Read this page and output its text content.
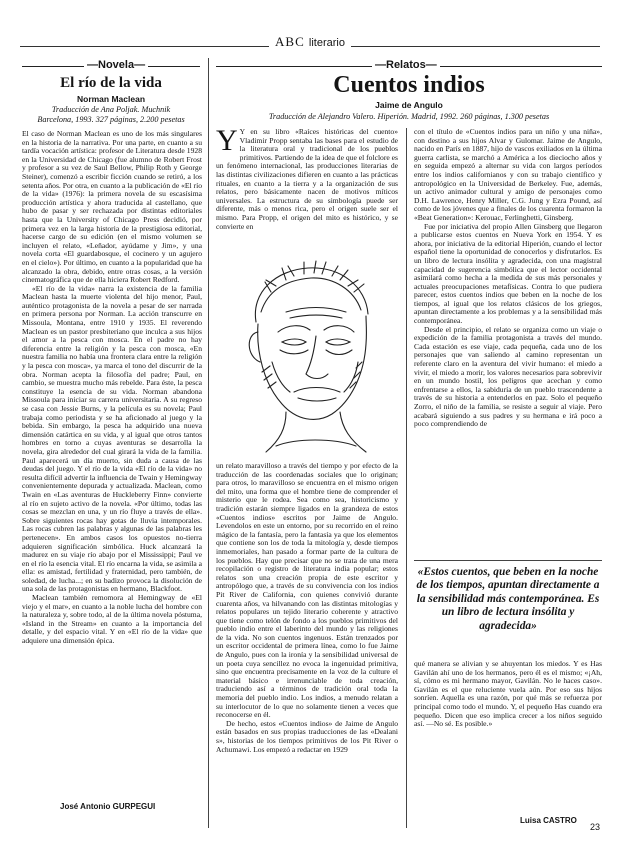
ABC literario
—Novela—
El río de la vida
Norman Maclean
Traducción de Ana Poljak. Muchnik
Barcelona, 1993. 327 páginas, 2.200 pesetas

El caso de Norman Maclean es uno de los más singulares en la historia de la narrativa. Por una parte, en cuanto a su tardía vocación artística: profesor de Literatura desde 1928 en la Universidad de Chicago (fue alumno de Robert Frost y profesor a su vez de Saul Bellow, Philip Roth y George Steiner), comenzó a escribir ficción cuando se retiró, a los setenta años. Por otra, en cuanto a la publicación de «El río de la vida» (1976): la primera novela de su escasísima producción artística y ahora traducida al castellano, que hubo de pasar y ser rechazada por distintas editoriales hasta que la University of Chicago Press decidió, por primera vez en la larga historia de la prestigiosa editorial, hacerse cargo de su edición (en el mismo volumen se incluyen el relato, «Leñador, ayúdame y Jim», y una novela corta «El guardabosque, el cocinero y un agujero en el cielo»). Por último, en cuanto a la popularidad que ha alcanzado la obra, debido, entre otras cosas, a la versión cinematográfica que de ella hiciera Robert Redford.

«El río de la vida» narra la existencia de la familia Maclean hasta la muerte violenta del hijo menor, Paul, auténtico protagonista de la novela a pesar de ser narrada en primera persona por Norman. La acción transcurre en Missoula, Montana, entre 1910 y 1935. El reverendo Maclean es un pastor presbiteriano que inculca a sus hijos el amor a la pesca con mosca. En el padre no hay diferencia entre la religión y la pesca con mosca, «En nuestra familia no había una frontera clara entre la religión y la pesca con mosca», ya marca el tono del discurrir de la obra. Norman acepta la filosofía del padre; Paul, en cambio, se muestra mucho más rebelde. Para éste, la pesca constituye la esencia de su vida. Norman abandona Missoula para iniciar su carrera universitaria. A su regreso se casa con Jessie Burns, y la película es su novela; Paul trabaja como periodista y se ha aficionado al juego y la bebida. Sin embargo, la pesca ha adquirido una nueva dimensión catártica en su vida, y al igual que otros tantos hombres en torno a cuyas aventuras se desarrolla la novela, gira alrededor del cual girará la vida de la familia. Paul aparecerá un día muerto, sin duda a causa de las deudas del juego. Y el río de la vida «El río de la vida» no resulta difícil advertir la influencia de Twain y Hemingway convenientemente depurada y actualizada. Maclean, como Twain en «Las aventuras de Huckleberry Finn» convierte al río en sujeto activo de la novela. «Por último, todas las cosas se mezclan en una, y un río fluye a través de ella». Sobre siguientes rocas hay gotas de lluvia intemporales. Las rocas cubren las palabras y algunas de las palabras les pertenecen». En ambos casos los opuestos no-tierra adquieren significación simbólica. Huck alcanzará la madurez en su viaje río abajo por el Mississippi; Paul ve en el río la esencia vital. El río encarna la vida, se asimila a ella: es amistad, fertilidad y fraternidad, pero también, de soledad, de lucha...; en su badizo provoca la disolución de una sola de las protagonistas en hermano, Blackfoot.

Maclean también remomora al Hemingway de «El viejo y el mar», en cuanto a la noble lucha del hombre con la naturaleza y, sobre todo, al de la última novela póstuma, «Island in the Stream» en cuanto a la importancia del detalle, y del espacio vital. Y en «El río de la vida» que adquiere una dimensión épica.

José Antonio GURPEGUI
—Relatos—
Cuentos indios
Jaime de Angulo
Traducción de Alejandro Valero. Hiperión. Madrid, 1992. 260 páginas, 1.300 pesetas

Y Y en su libro «Raíces históricas del cuento» Vladimir Propp sentaba las bases para el estudio de la literatura oral y tradicional de los pueblos primitivos. Partiendo de la idea de que el folclore es un fenómeno internacional, las producciones literarias de las distintas civilizaciones difieren en cuanto a las prácticas rituales, en cuanto a la tierra y a la organización de sus relatos, pero básicamente nacen de motivos míticos universales. La estructura de su simbología puede ser diferente, más o menos rica, pero el origen suele ser el mismo. Para Propp, el origen del mito es histórico, y se convierte en

un relato maravilloso a través del tiempo y por efecto de la traducción de las coordenadas sociales que lo originan; para otros, lo maravilloso se encuentra en el mismo origen del mito, una forma que el hombre tiene de comprender el misterio que le rodea. Sea como sea, historicismo y tradición estarán siempre ligados en la grandeza de estos «Cuentos indios» escritos por Jaime de Angulo. Levendolos en este un entorno, por su recorrido en el reino mágico de la fantasía, pero la fantasía ya que los elementos que contiene son los de toda la mitología y, desde tiempos inmemoriales, han pasado a formar parte de la cultura de los pueblos. Hay que precisar que no se trata de una mera recopilación o registro de literatura india popular; estos relatos son una creación propia de este escritor y antropólogo que, a través de su convivencia con los indios Pit River de California, con quienes convivió durante cuarenta años, va hilvanando con las distintas mitologías y relatos populares un tejido literario coherente y atractivo que tiene como telón de fondo a los pueblos primitivos del pueblo indio entre el laberinto del mundo y las religiones de la vida. No son cuentos ingenuos. Están trenzados por un escritor occidental de primera línea, como lo fue Jaime de Angulo, pues con la ironía y la sensibilidad universal de un poeta cuya sencillez no evoca la ingenuidad primitiva, sino que encuentra precisamente en la voz de la culture el material básico e irrenunciable de toda creación, traduciendo así a términos de tradición oral toda la memoria del pueblo indio. Los indios, a menudo relatan a su interlocutor de lo que no solamente tienen a veces que reconocerse en él.

De hecho, estos «Cuentos indios» de Jaime de Angulo están basados en sus propias traducciones de las «Dealani s», historias de los tiempos primitivos de los Pit River o Achumawi. Los empezó a redactar en 1929

con el título de «Cuentos indios para un niño y una niña», con destino a sus hijos Alvar y Gulomar. Jaime de Angulo, nacido en París en 1887, hijo de vascos exiliados en la última guerra carlista, se marchó a América a los dieciocho años y en seguida empezó a alternar su vida con largos períodos entre los indios californianos y con su trabajo científico y antropológico en la Universidad de Berkeley. Fue, además, un activo animador cultural y amigo de personajes como D.H. Lawrence, Henry Miller, C.G. Jung y Ezra Pound, así como de los jóvenes que a finales de los cuarenta formaron la «Beat Generation»: Kerouac, Ferlinghetti, Ginsberg.

Fue por iniciativa del propio Allen Ginsberg que llegaron a publicarse estos cuentos en Nueva York en 1954. Y es ahora, por iniciativa de la editorial Hiperión, cuando el lector español tiene la oportunidad de conocerlos y disfrutarlos. Es un libro de lectura insólita y agradecida, con una magistral capacidad de sugerencia simbólica que el lector occidental asimilará como hecha a la medida de sus más personales y actuales preocupaciones metafísicas. Contra lo que pudiera parecer, estos cuentos indios que beben en la noche de los tiempos, al igual que los relatos clásicos de los griegos, apuntan directamente a los problemas y a la sensibilidad más contemporánea.

Desde el principio, el relato se organiza como un viaje o expedición de la familia protagonista a través del mundo. Cada estación es ese viaje, cada pequeña, cada uno de los personajes que van saliendo al camino representan un referente claro en la aventura del vivir humano: el miedo a vivir, el miedo a morir, los valores necesarios para sobrevivir en un mundo hostil, los peligros que acechan y como enfrentarse a ellos, la sabiduría de un pueblo trascendente a través de su historia a entenderlos en paz. Solo el pequeño Zorro, el niño de la familia, se resiste a seguir al viaje. Pero acabará siguiendo a sus padres y su hermana e irá poco a poco comprendiendo de

«Estos cuentos, que beben en la noche de los tiempos, apuntan directamente a la sensibilidad más contemporánea. Es un libro de lectura insólita y agradecida»

qué manera se alivian y se ahuyentan los miedos. Y es Has Gavilán ahí uno de los hermanos, pero él es el mismo; «¡Ah, sí, cómo es mi hermano mayor, Gavilán. No le haces caso». Gavilán es el que reluciente vuela aún. Por eso sus hijos sonríen. Aquella es una razón, por qué más se refuerza por principal como todo el mundo. Y, el pequeño Has cuando era pequeño. Dicen que eso implica crecer a los niños seguido así. —No sé. Es posible.»

Luisa CASTRO
23
